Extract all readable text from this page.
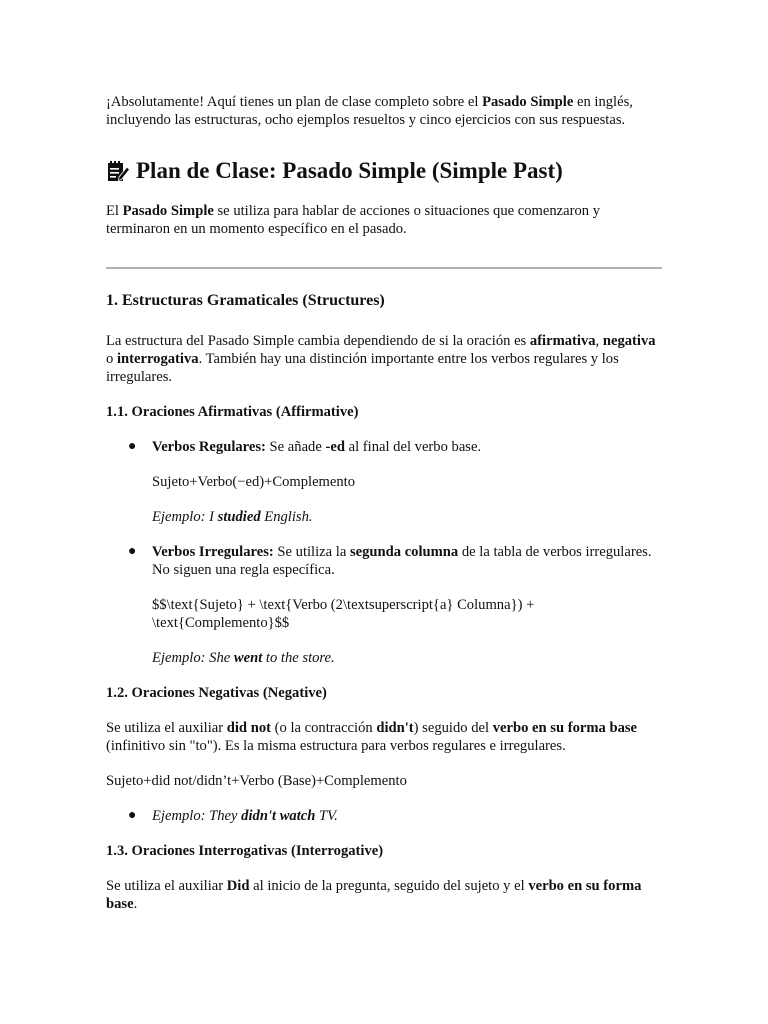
¡Absolutamente! Aquí tienes un plan de clase completo sobre el Pasado Simple en inglés, incluyendo las estructuras, ocho ejemplos resueltos y cinco ejercicios con sus respuestas.

Plan de Clase: Pasado Simple (Simple Past)

El Pasado Simple se utiliza para hablar de acciones o situaciones que comenzaron y terminaron en un momento específico en el pasado.

1. Estructuras Gramaticales (Structures)

La estructura del Pasado Simple cambia dependiendo de si la oración es afirmativa, negativa o interrogativa. También hay una distinción importante entre los verbos regulares y los irregulares.

1.1. Oraciones Afirmativas (Affirmative)
● Verbos Regulares: Se añade -ed al final del verbo base.

Sujeto+Verbo(−ed)+Complemento

Ejemplo: I studied English.

● Verbos Irregulares: Se utiliza la segunda columna de la tabla de verbos irregulares. No siguen una regla específica.

$$\text{Sujeto} + \text{Verbo (2\textsuperscript{a} Columna}) +
\text{Complemento}$$

Ejemplo: She went to the store.

1.2. Oraciones Negativas (Negative)

Se utiliza el auxiliar did not (o la contracción didn't) seguido del verbo en su forma base (infinitivo sin "to"). Es la misma estructura para verbos regulares e irregulares.

Sujeto+did not/didn’t+Verbo (Base)+Complemento

● Ejemplo: They didn't watch TV.

1.3. Oraciones Interrogativas (Interrogative)

Se utiliza el auxiliar Did al inicio de la pregunta, seguido del sujeto y el verbo en su forma base.
